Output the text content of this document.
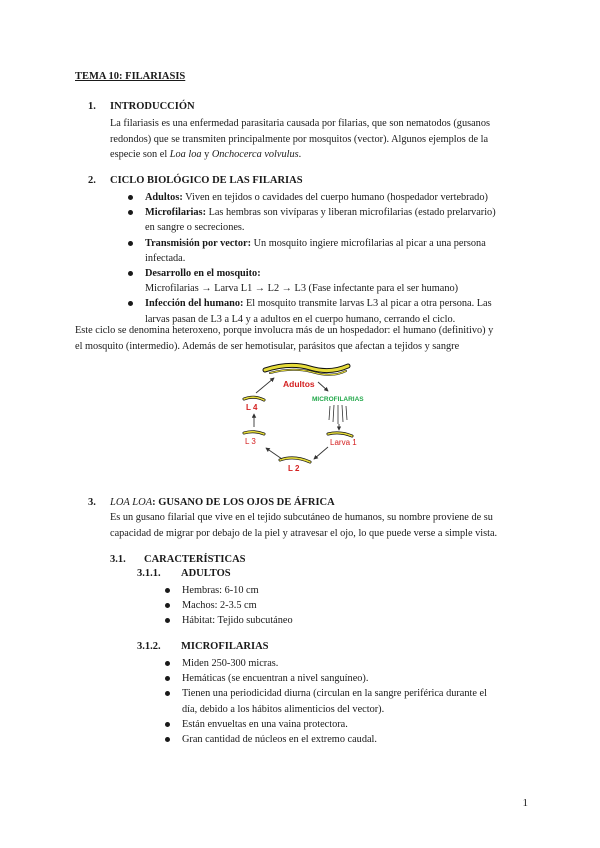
TEMA 10: FILARIASIS
1. INTRODUCCIÓN
La filariasis es una enfermedad parasitaria causada por filarias, que son nematodos (gusanos
redondos) que se transmiten principalmente por mosquitos (vector). Algunos ejemplos de la
especie son el Loa loa y Onchocerca volvulus.
2. CICLO BIOLÓGICO DE LAS FILARIAS
Adultos: Viven en tejidos o cavidades del cuerpo humano (hospedador vertebrado)
Microfilarias: Las hembras son vivíparas y liberan microfilarias (estado prelarvario)
en sangre o secreciones.
Transmisión por vector: Un mosquito ingiere microfilarias al picar a una persona
infectada.
Desarrollo en el mosquito:
Microfilarias → Larva L1 → L2 → L3 (Fase infectante para el ser humano)
Infección del humano: El mosquito transmite larvas L3 al picar a otra persona. Las
larvas pasan de L3 a L4 y a adultos en el cuerpo humano, cerrando el ciclo.
Este ciclo se denomina heteroxeno, porque involucra más de un hospedador: el humano (definitivo) y
el mosquito (intermedio). Además de ser hemotisular, parásitos que afectan a tejidos y sangre
Adultos
MICROFILARIAS
Larva 1
L 2
L 3
L 4
3. LOA LOA: GUSANO DE LOS OJOS DE ÁFRICA
Es un gusano filarial que vive en el tejido subcutáneo de humanos, su nombre proviene de su
capacidad de migrar por debajo de la piel y atravesar el ojo, lo que puede verse a simple vista.
3.1. CARACTERÍSTICAS
3.1.1. ADULTOS
Hembras: 6-10 cm
Machos: 2-3.5 cm
Hábitat: Tejido subcutáneo
3.1.2. MICROFILARIAS
Miden 250-300 micras.
Hemáticas (se encuentran a nivel sanguíneo).
Tienen una periodicidad diurna (circulan en la sangre periférica durante el
día, debido a los hábitos alimenticios del vector).
Están envueltas en una vaina protectora.
Gran cantidad de núcleos en el extremo caudal.
1
